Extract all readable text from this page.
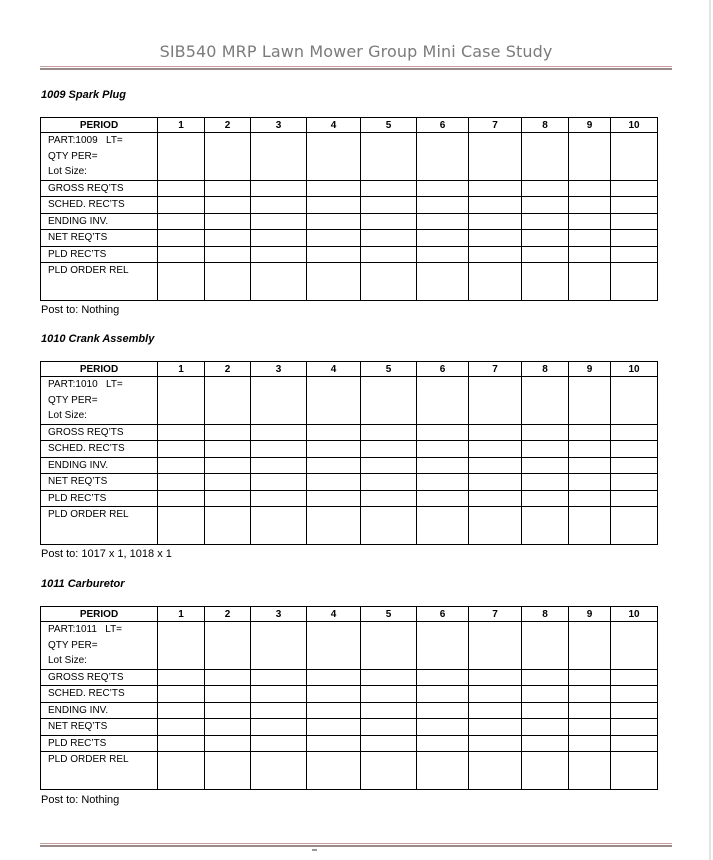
SIB540 MRP Lawn Mower Group Mini Case Study
1009 Spark Plug
PERIOD	1	2	3	4	5	6	7	8	9	10

PART:1009   LT=
QTY PER=
Lot Size:										

GROSS REQ’TS										
SCHED. REC’TS										
ENDING INV.										
NET REQ’TS										
PLD REC’TS										
PLD ORDER REL										
Post to: Nothing
1010 Crank Assembly
PERIOD	1	2	3	4	5	6	7	8	9	10

PART:1010   LT=
QTY PER=
Lot Size:										

GROSS REQ’TS										
SCHED. REC’TS										
ENDING INV.										
NET REQ’TS										
PLD REC’TS										
PLD ORDER REL										
Post to: 1017 x 1, 1018 x 1
1011 Carburetor
PERIOD	1	2	3	4	5	6	7	8	9	10

PART:1011   LT=
QTY PER=
Lot Size:										

GROSS REQ’TS										
SCHED. REC’TS										
ENDING INV.										
NET REQ’TS										
PLD REC’TS										
PLD ORDER REL										
Post to: Nothing
